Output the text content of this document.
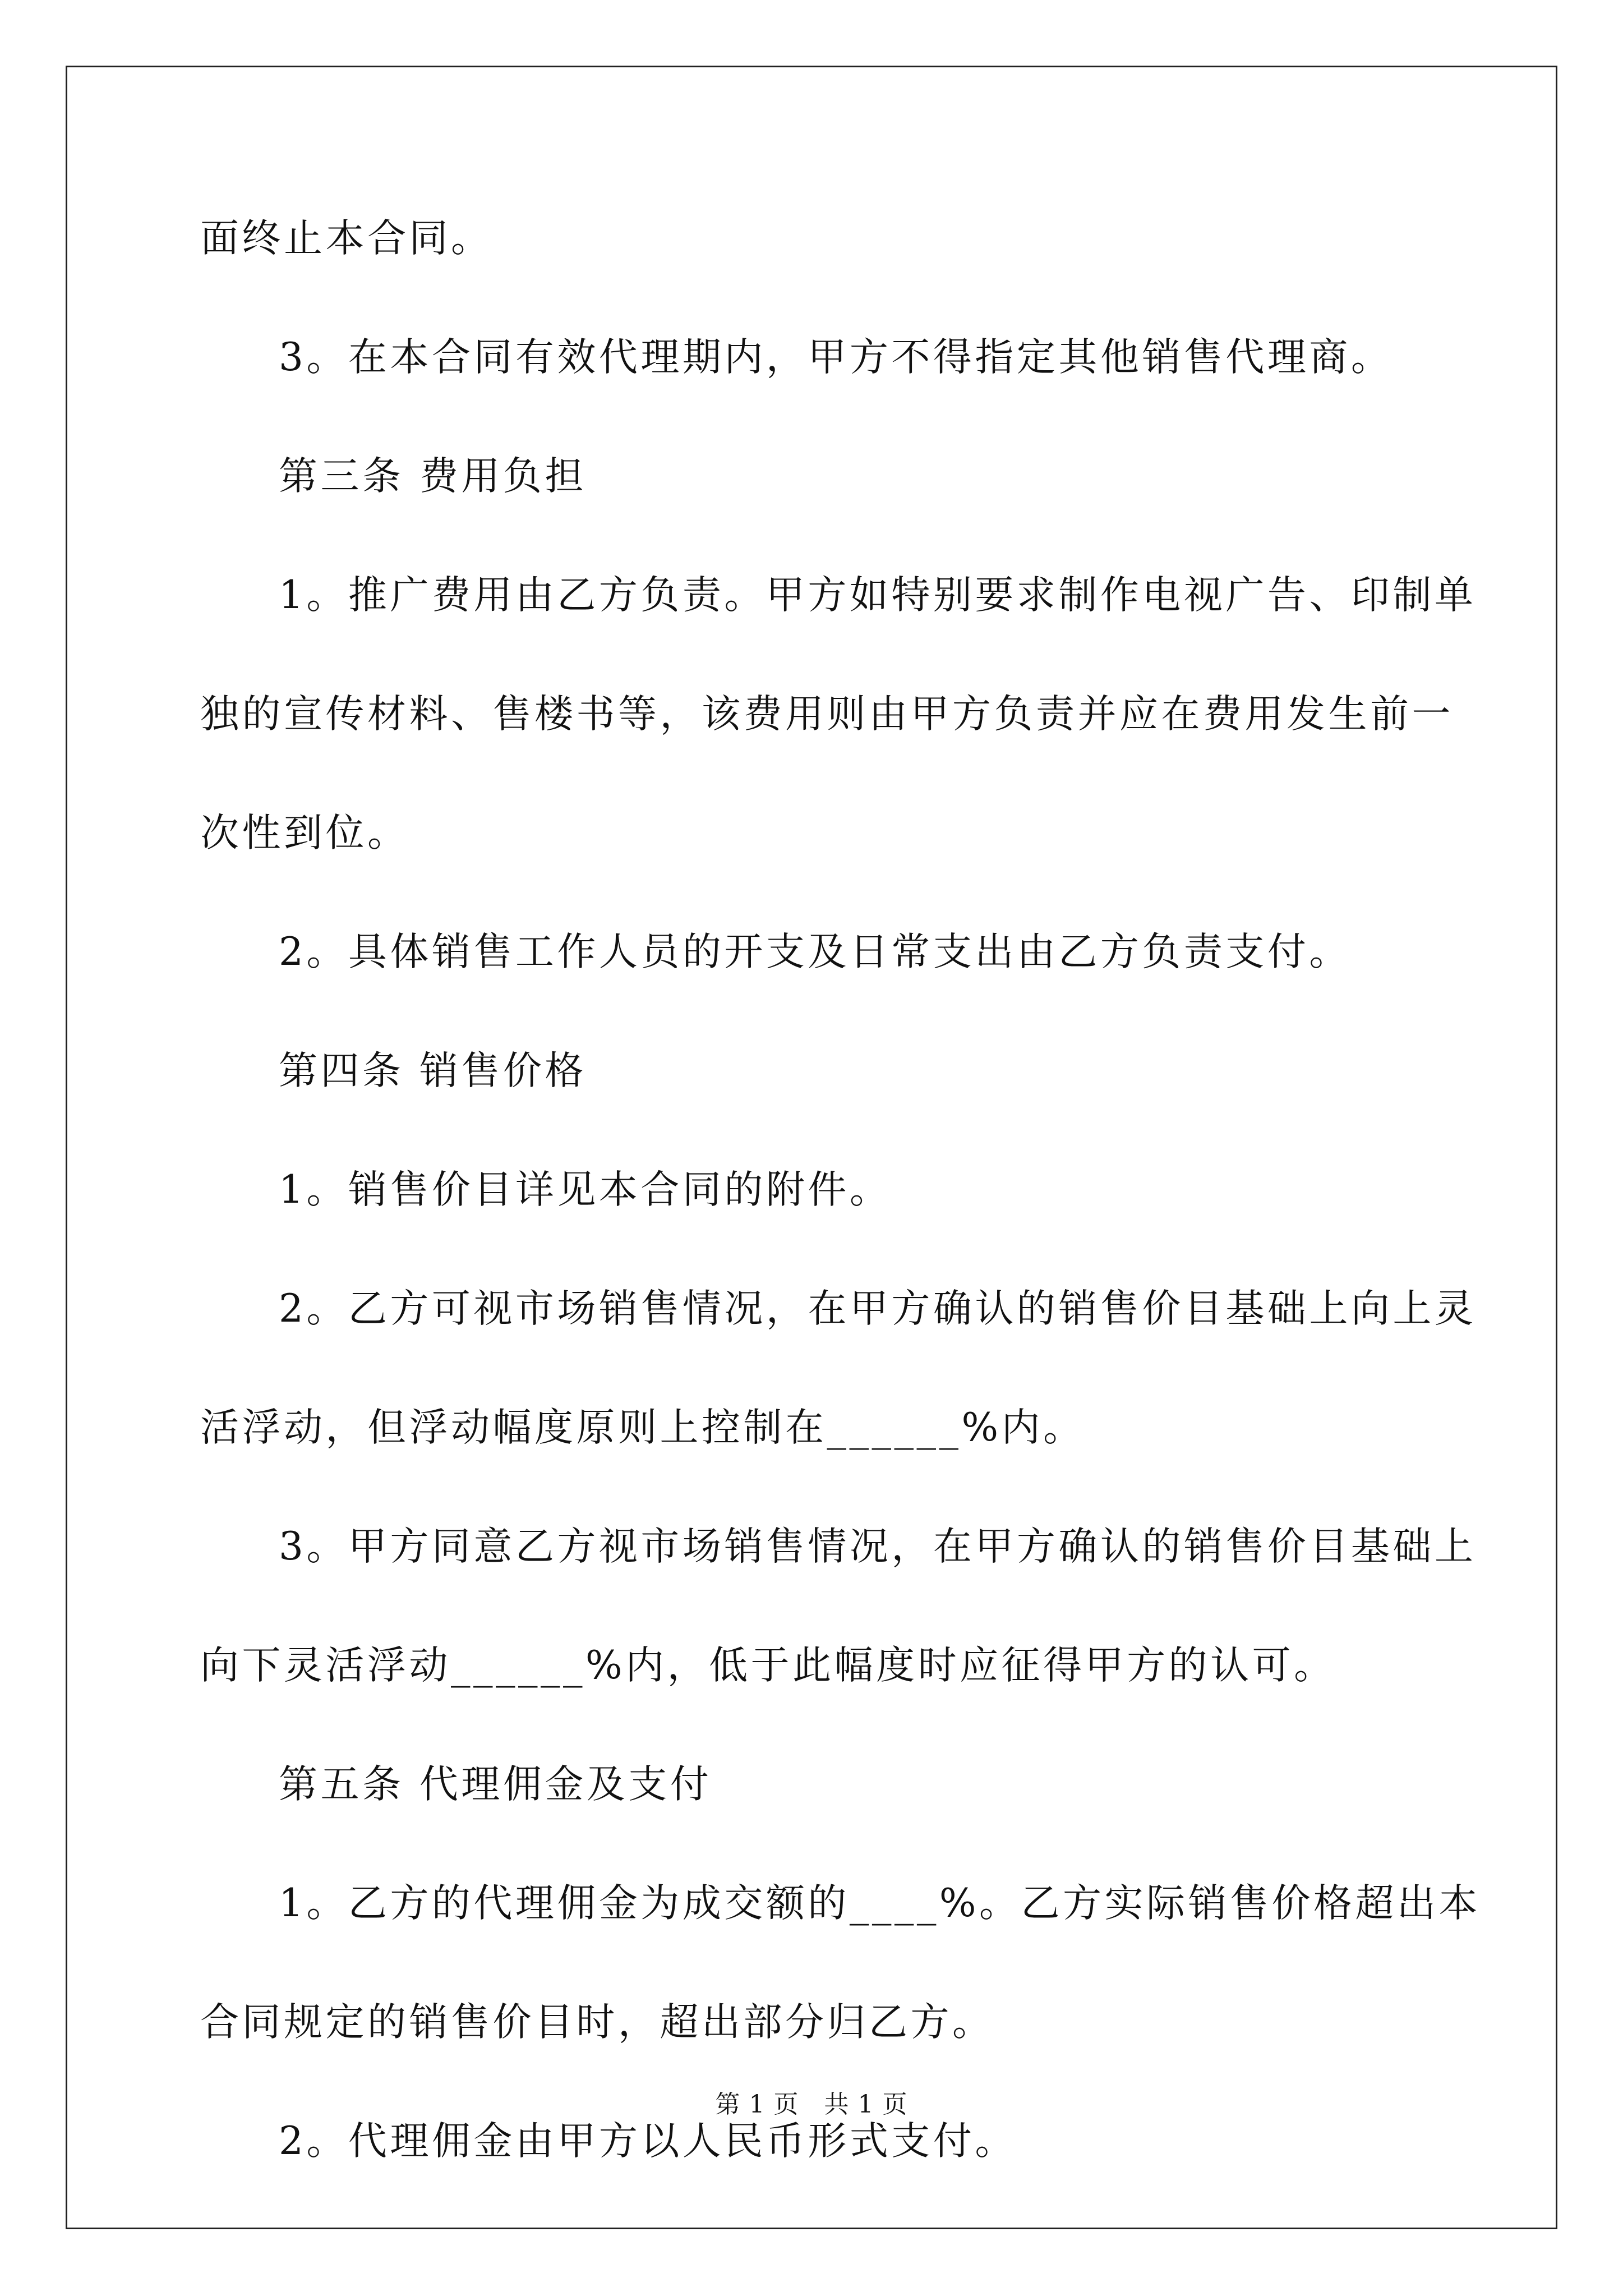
面终止本合同。
3。在本合同有效代理期内，甲方不得指定其他销售代理商。
第三条 费用负担
1。推广费用由乙方负责。甲方如特别要求制作电视广告、印制单
独的宣传材料、售楼书等，该费用则由甲方负责并应在费用发生前一
次性到位。
2。具体销售工作人员的开支及日常支出由乙方负责支付。
第四条 销售价格
1。销售价目详见本合同的附件。
2。乙方可视市场销售情况，在甲方确认的销售价目基础上向上灵
活浮动，但浮动幅度原则上控制在______%内。
3。甲方同意乙方视市场销售情况，在甲方确认的销售价目基础上
向下灵活浮动______%内，低于此幅度时应征得甲方的认可。
第五条 代理佣金及支付
1。乙方的代理佣金为成交额的____%。乙方实际销售价格超出本
合同规定的销售价目时，超出部分归乙方。
2。代理佣金由甲方以人民币形式支付。
第 1 页　共 1 页
